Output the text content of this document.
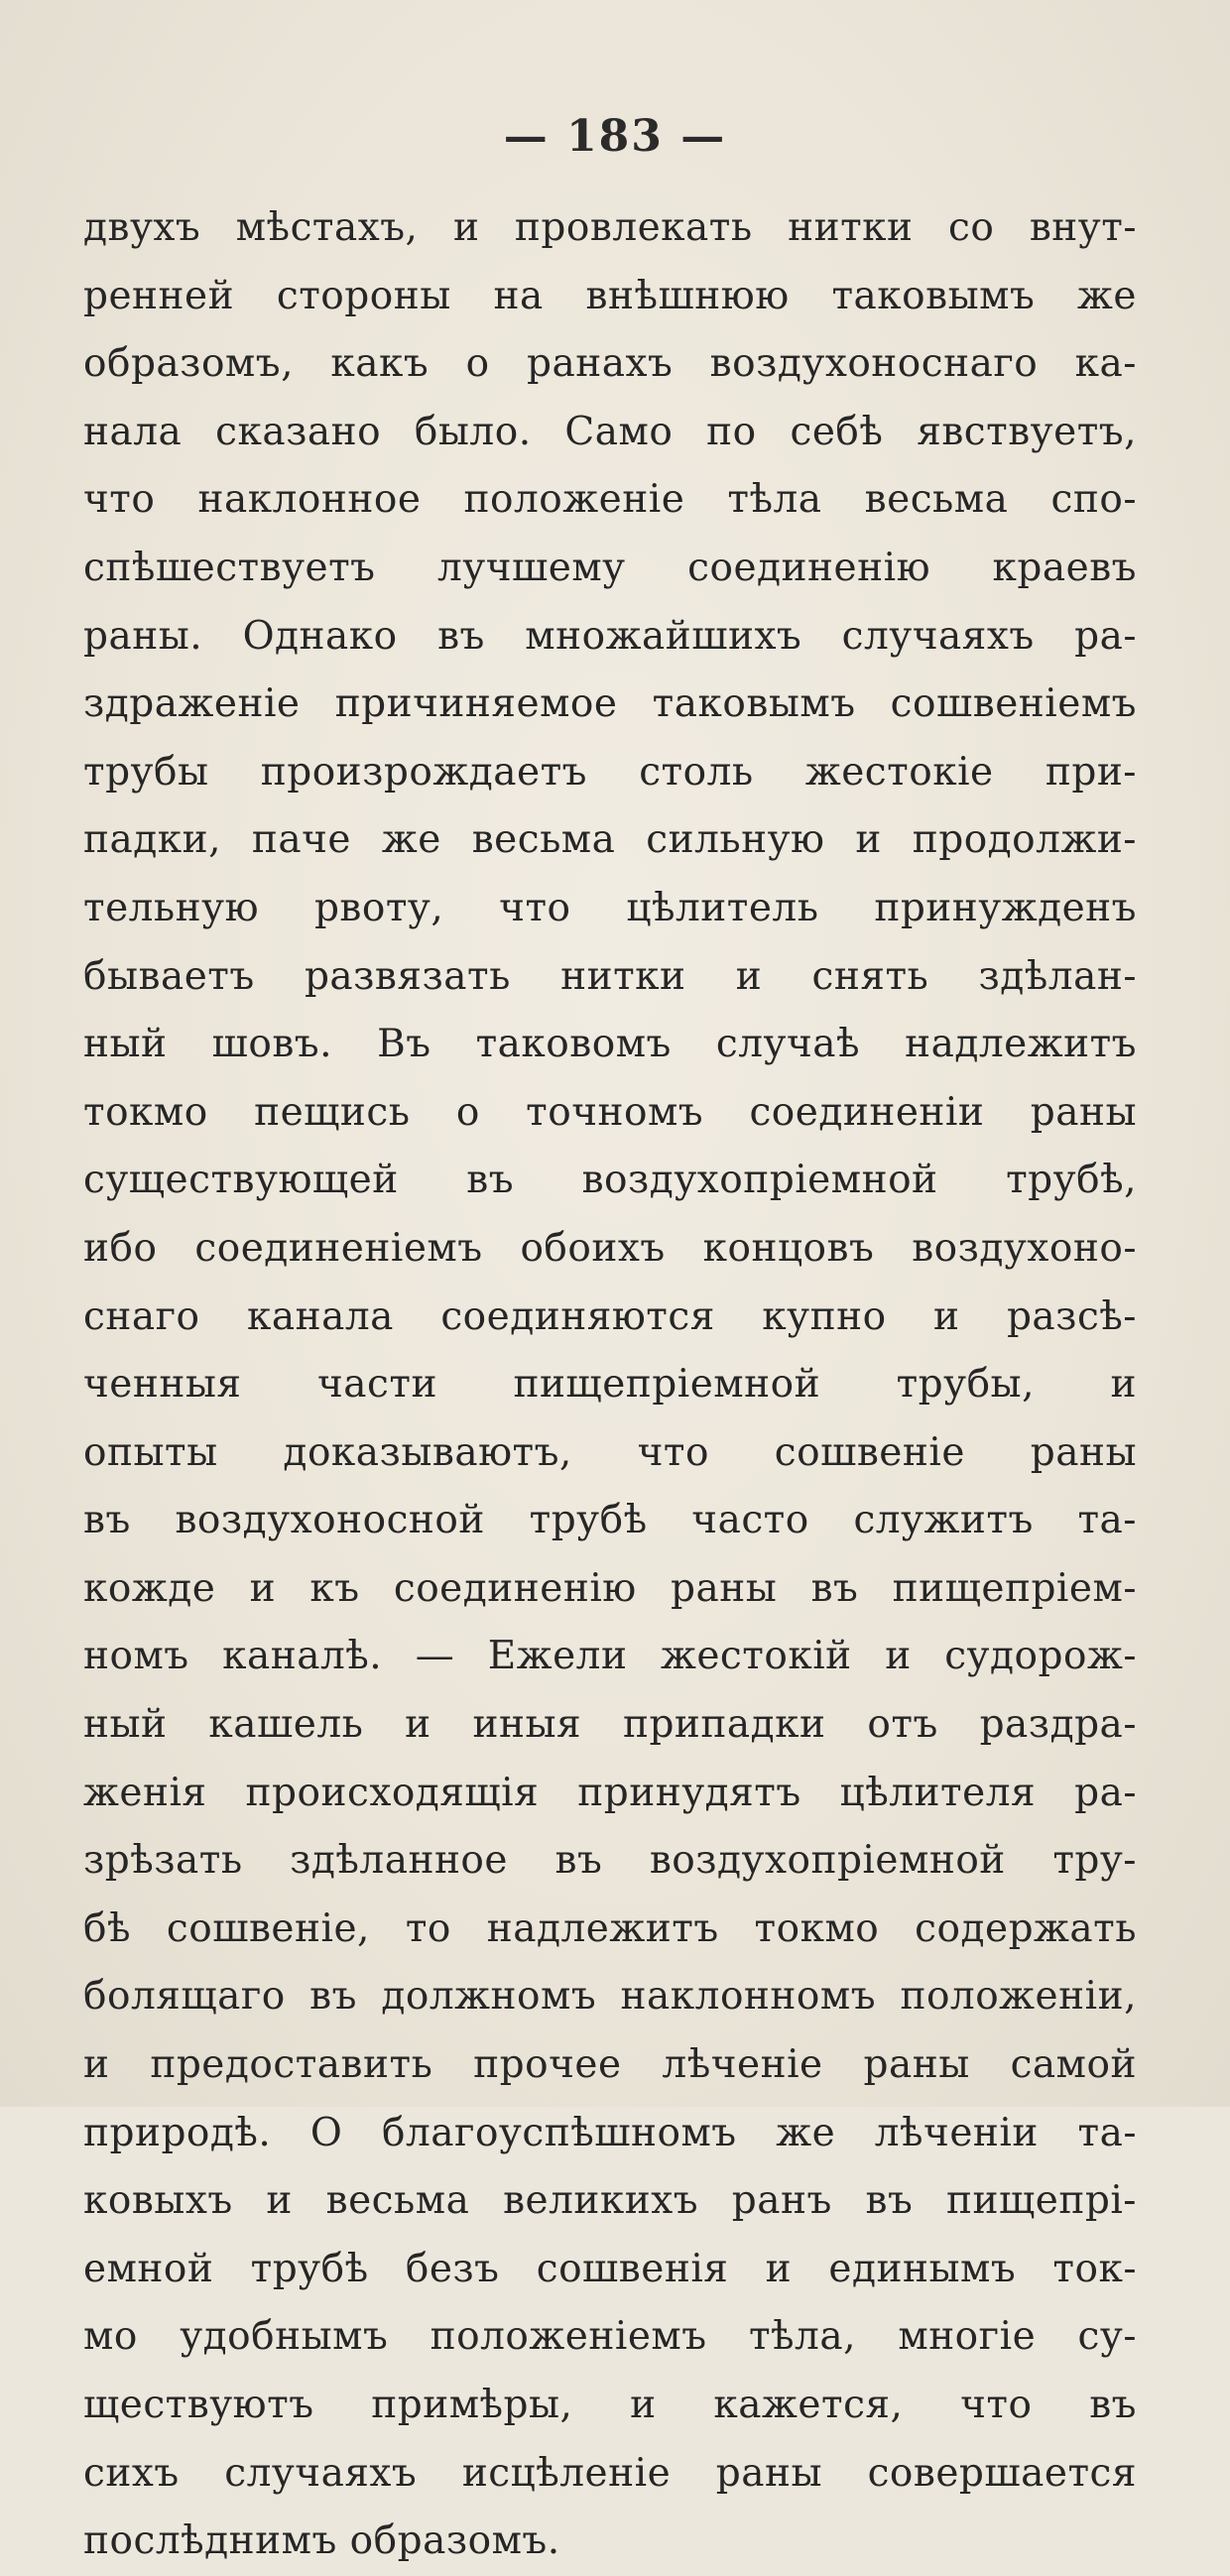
— 183 —
двухъ мѣстахъ, и провлекать нитки со внут-
ренней стороны на внѣшнюю таковымъ же
образомъ, какъ о ранахъ воздухоноснаго ка-
нала сказано было. Само по себѣ явствуетъ,
что наклонное положеніе тѣла весьма спо-
спѣшествуетъ лучшему соединенію краевъ
раны. Однако въ множайшихъ случаяхъ ра-
здраженіе причиняемое таковымъ сошвеніемъ
трубы произрождаетъ столь жестокіе при-
падки, паче же весьма сильную и продолжи-
тельную рвоту, что цѣлитель принужденъ
бываетъ развязать нитки и снять здѣлан-
ный шовъ. Въ таковомъ случаѣ надлежитъ
токмо пещись о точномъ соединеніи раны
существующей въ воздухопріемной трубѣ,
ибо соединеніемъ обоихъ концовъ воздухоно-
снаго канала соединяются купно и разсѣ-
ченныя части пищепріемной трубы, и
опыты доказываютъ, что сошвеніе раны
въ воздухоносной трубѣ часто служитъ та-
кожде и къ соединенію раны въ пищепріем-
номъ каналѣ. — Ежели жестокій и судорож-
ный кашель и иныя припадки отъ раздра-
женія происходящія принудятъ цѣлителя ра-
зрѣзать здѣланное въ воздухопріемной тру-
бѣ сошвеніе, то надлежитъ токмо содержать
болящаго въ должномъ наклонномъ положеніи,
и предоставить прочее лѣченіе раны самой
природѣ. О благоуспѣшномъ же лѣченіи та-
ковыхъ и весьма великихъ ранъ въ пищепрі-
емной трубѣ безъ сошвенія и единымъ ток-
мо удобнымъ положеніемъ тѣла, многіе су-
ществуютъ примѣры, и кажется, что въ
сихъ случаяхъ исцѣленіе раны совершается
послѣднимъ образомъ.
